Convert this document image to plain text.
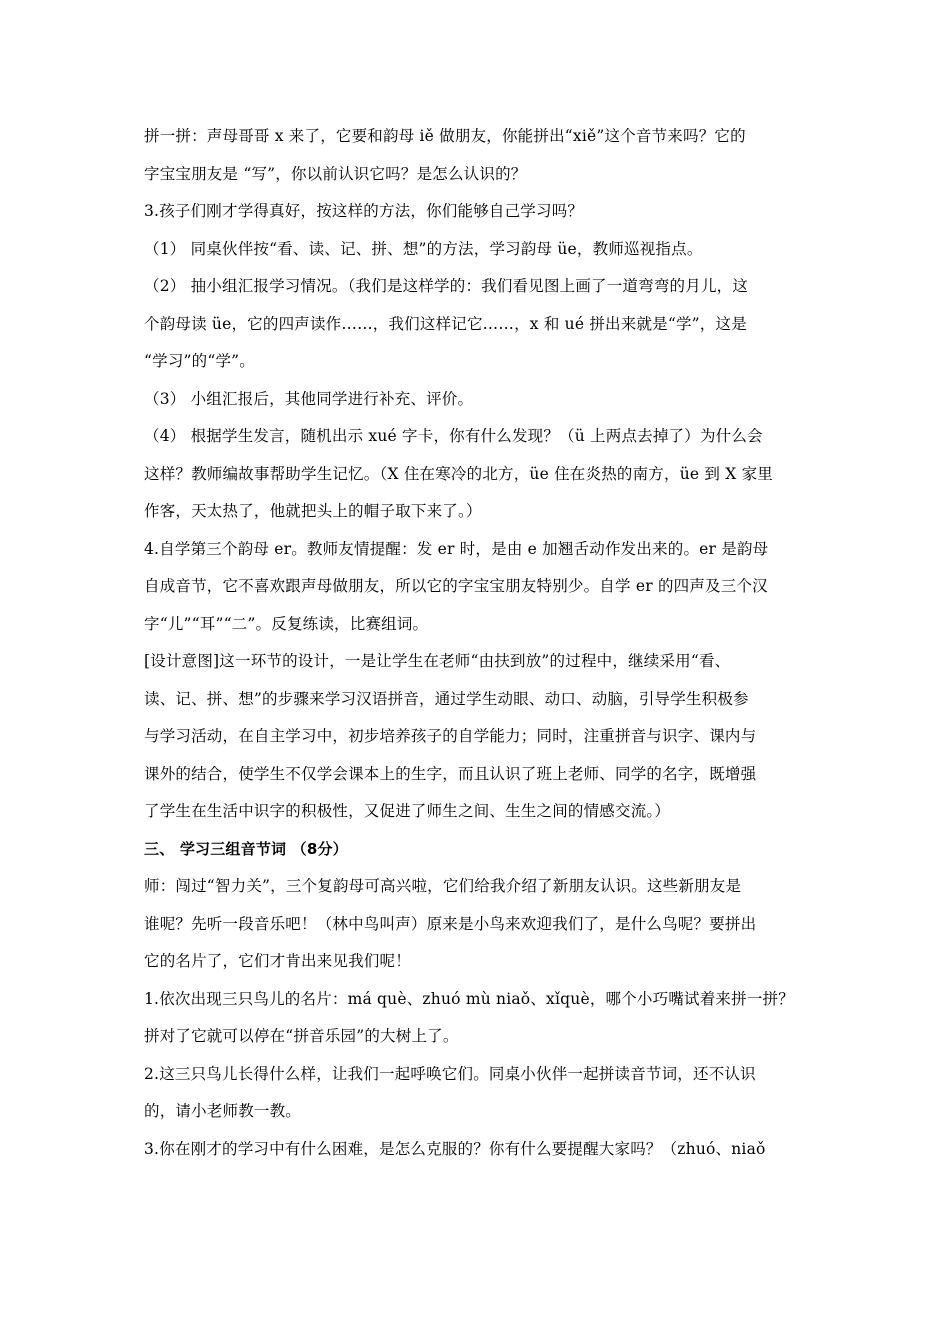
拼一拼：声母哥哥 x 来了，它要和韵母 iě 做朋友，你能拼出“xiě”这个音节来吗？它的
字宝宝朋友是 “写”，你以前认识它吗？是怎么认识的？
3.孩子们刚才学得真好，按这样的方法，你们能够自己学习吗？
（1） 同桌伙伴按“看、读、记、拼、想”的方法，学习韵母 üe，教师巡视指点。
（2） 抽小组汇报学习情况。（我们是这样学的：我们看见图上画了一道弯弯的月儿，这
个韵母读 üe，它的四声读作……，我们这样记它……，x 和 ué 拼出来就是“学”，这是
“学习”的“学”。
（3） 小组汇报后，其他同学进行补充、评价。
（4） 根据学生发言，随机出示 xué 字卡，你有什么发现？（ü 上两点去掉了）为什么会
这样？教师编故事帮助学生记忆。（X 住在寒冷的北方，üe 住在炎热的南方，üe 到 X 家里
作客，天太热了，他就把头上的帽子取下来了。）
4.自学第三个韵母 er。教师友情提醒：发 er 时，是由 e 加翘舌动作发出来的。er 是韵母
自成音节，它不喜欢跟声母做朋友，所以它的字宝宝朋友特别少。自学 er 的四声及三个汉
字“儿”“耳”“二”。反复练读，比赛组词。
[设计意图]这一环节的设计，一是让学生在老师“由扶到放”的过程中，继续采用“看、
读、记、拼、想”的步骤来学习汉语拼音，通过学生动眼、动口、动脑，引导学生积极参
与学习活动，在自主学习中，初步培养孩子的自学能力；同时，注重拼音与识字、课内与
课外的结合，使学生不仅学会课本上的生字，而且认识了班上老师、同学的名字，既增强
了学生在生活中识字的积极性，又促进了师生之间、生生之间的情感交流。）
三、 学习三组音节词 （8分）
师：闯过“智力关”，三个复韵母可高兴啦，它们给我介绍了新朋友认识。这些新朋友是
谁呢？先听一段音乐吧！（林中鸟叫声）原来是小鸟来欢迎我们了，是什么鸟呢？要拼出
它的名片了，它们才肯出来见我们呢！
1.依次出现三只鸟儿的名片：má què、zhuó mù niaǒ、xǐquè，哪个小巧嘴试着来拼一拼？
拼对了它就可以停在“拼音乐园”的大树上了。
2.这三只鸟儿长得什么样，让我们一起呼唤它们。同桌小伙伴一起拼读音节词，还不认识
的，请小老师教一教。
3.你在刚才的学习中有什么困难，是怎么克服的？你有什么要提醒大家吗？（zhuó、niaǒ
